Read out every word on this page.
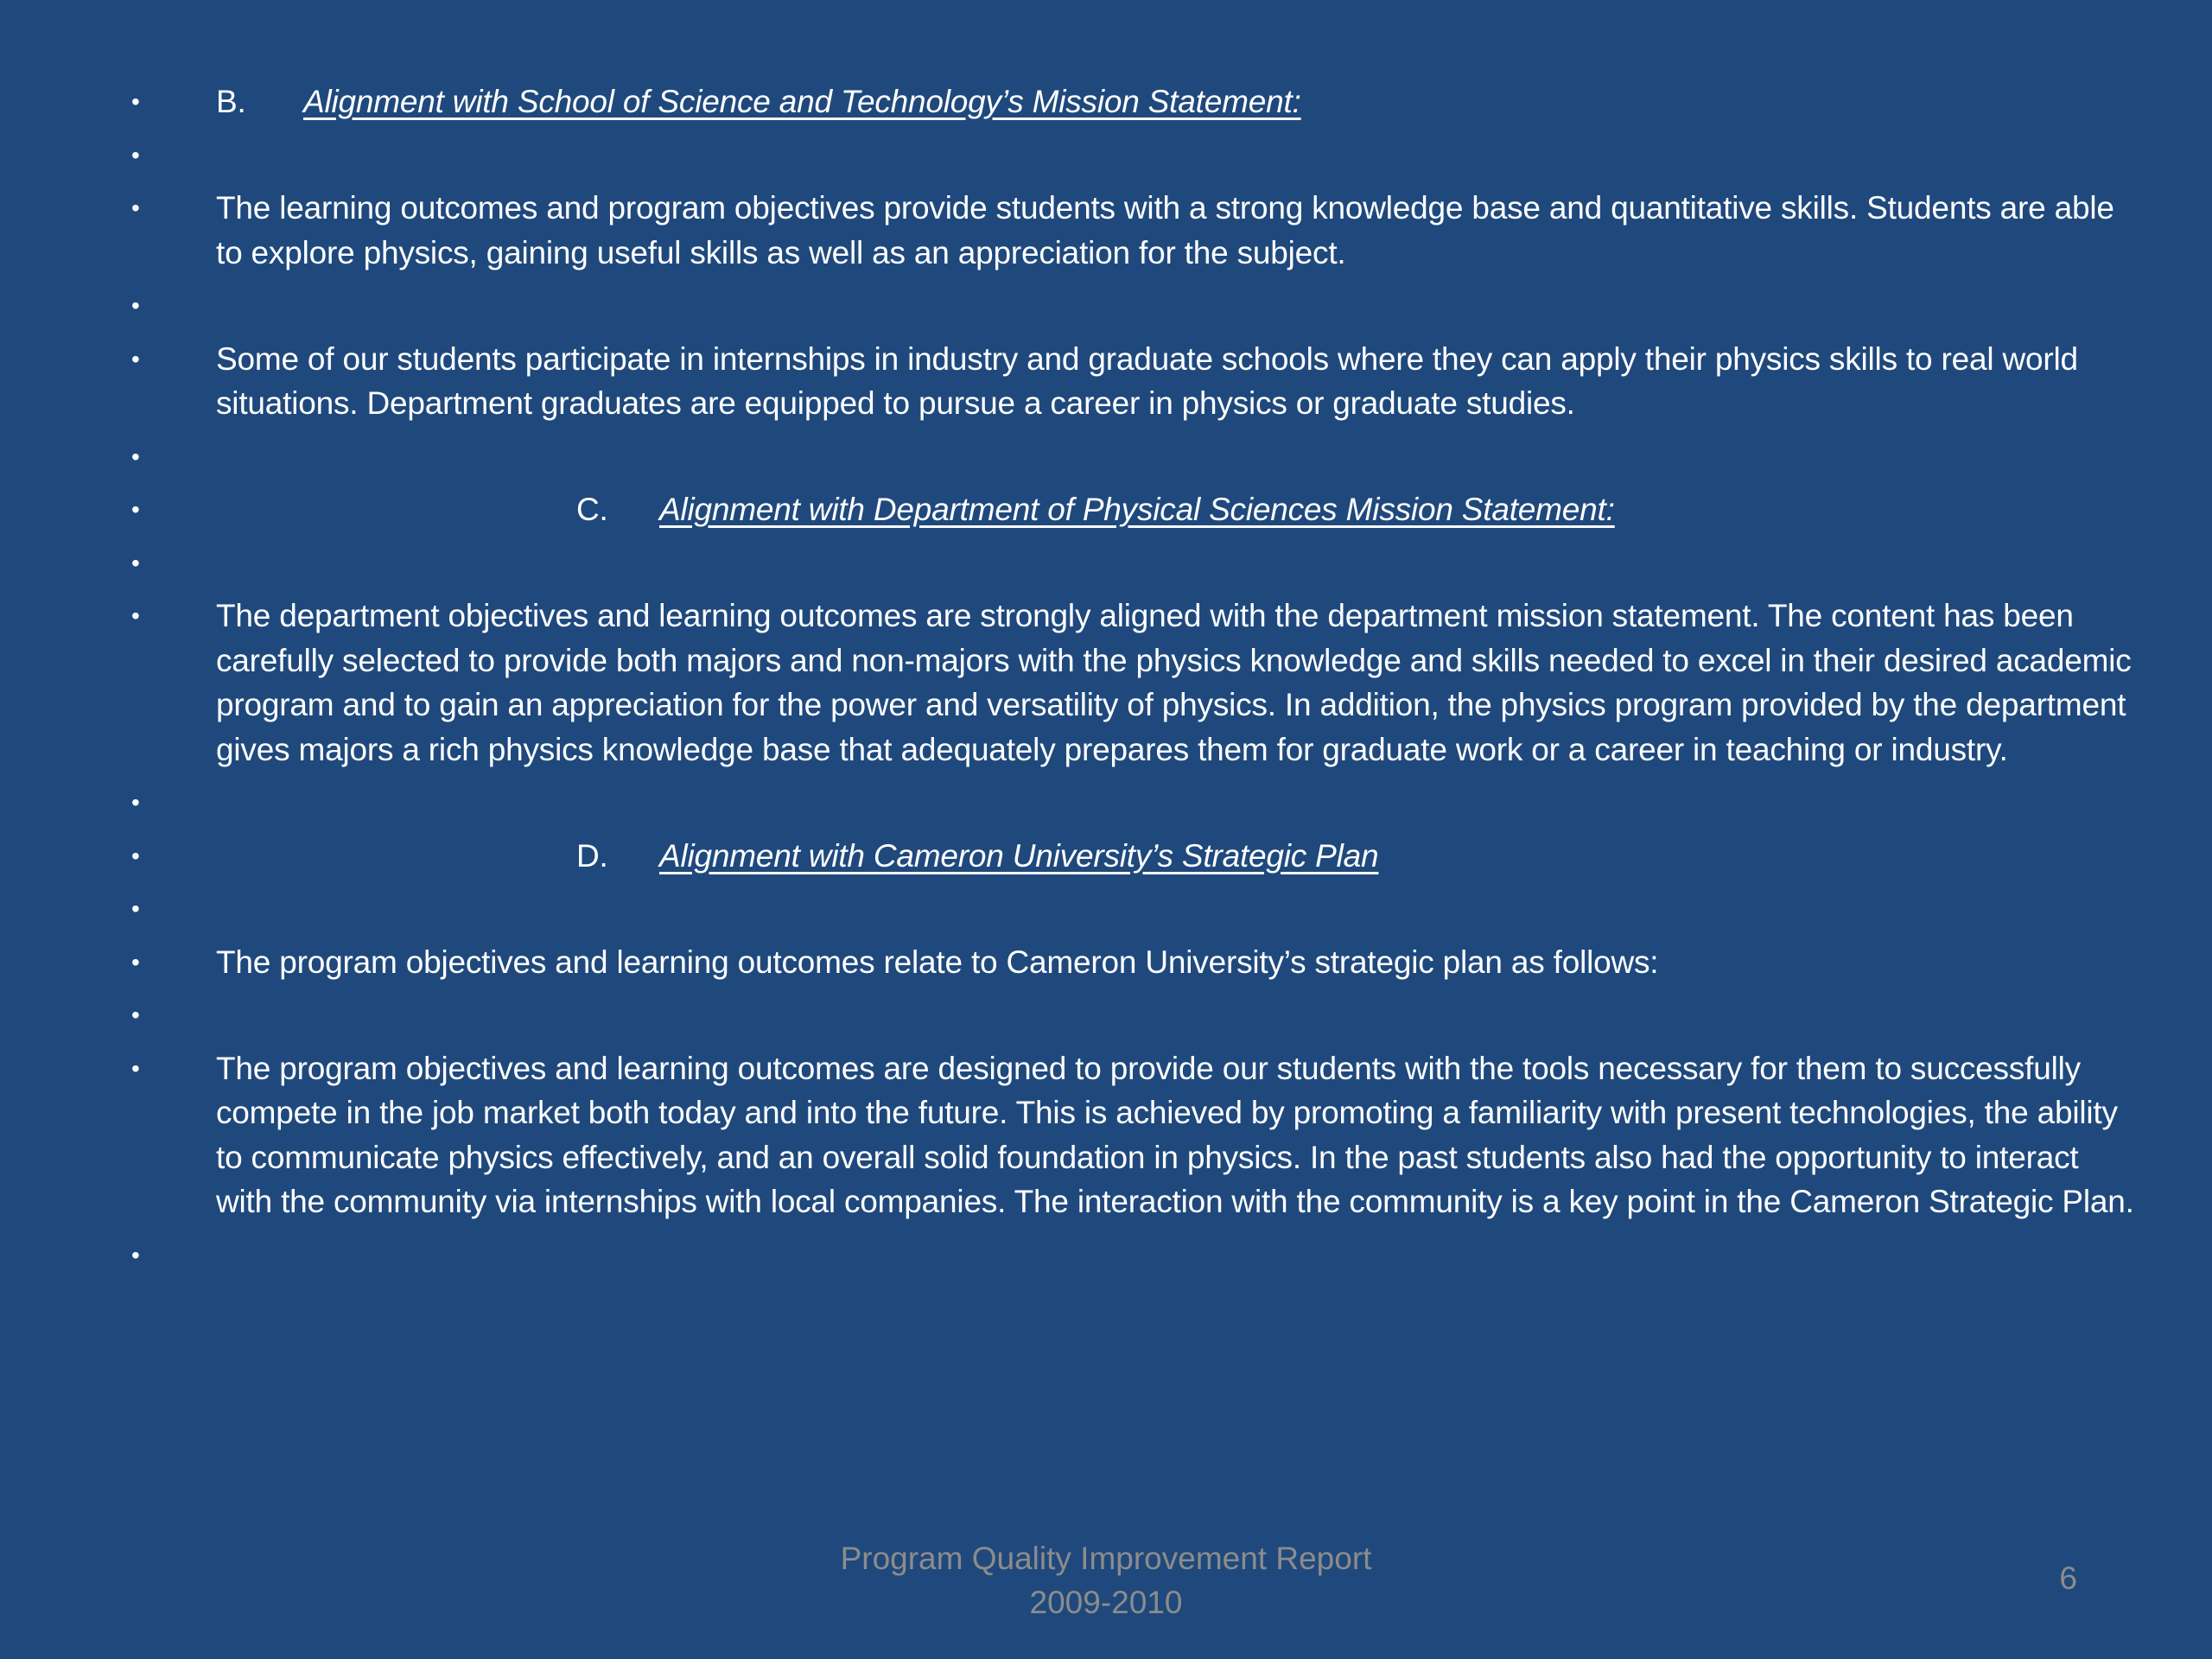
• B. Alignment with School of Science and Technology’s Mission Statement:
•

• The learning outcomes and program objectives provide students with a strong knowledge base and quantitative skills. Students are able to explore physics, gaining useful skills as well as an appreciation for the subject.
•

• Some of our students participate in internships in industry and graduate schools where they can apply their physics skills to real world situations. Department graduates are equipped to pursue a career in physics or graduate studies.
•

•	C. Alignment with Department of Physical Sciences Mission Statement:
•

• The department objectives and learning outcomes are strongly aligned with the department mission statement. The content has been carefully selected to provide both majors and non-majors with the physics knowledge and skills needed to excel in their desired academic program and to gain an appreciation for the power and versatility of physics. In addition, the physics program provided by the department gives majors a rich physics knowledge base that adequately prepares them for graduate work or a career in teaching or industry.
•

•	D. Alignment with Cameron University’s Strategic Plan
•

• The program objectives and learning outcomes relate to Cameron University’s strategic plan as follows:
•

• The program objectives and learning outcomes are designed to provide our students with the tools necessary for them to successfully compete in the job market both today and into the future. This is achieved by promoting a familiarity with present technologies, the ability to communicate physics effectively, and an overall solid foundation in physics. In the past students also had the opportunity to interact with the community via internships with local companies. The interaction with the community is a key point in the Cameron Strategic Plan.
•

Program Quality Improvement Report
2009-2010
6
